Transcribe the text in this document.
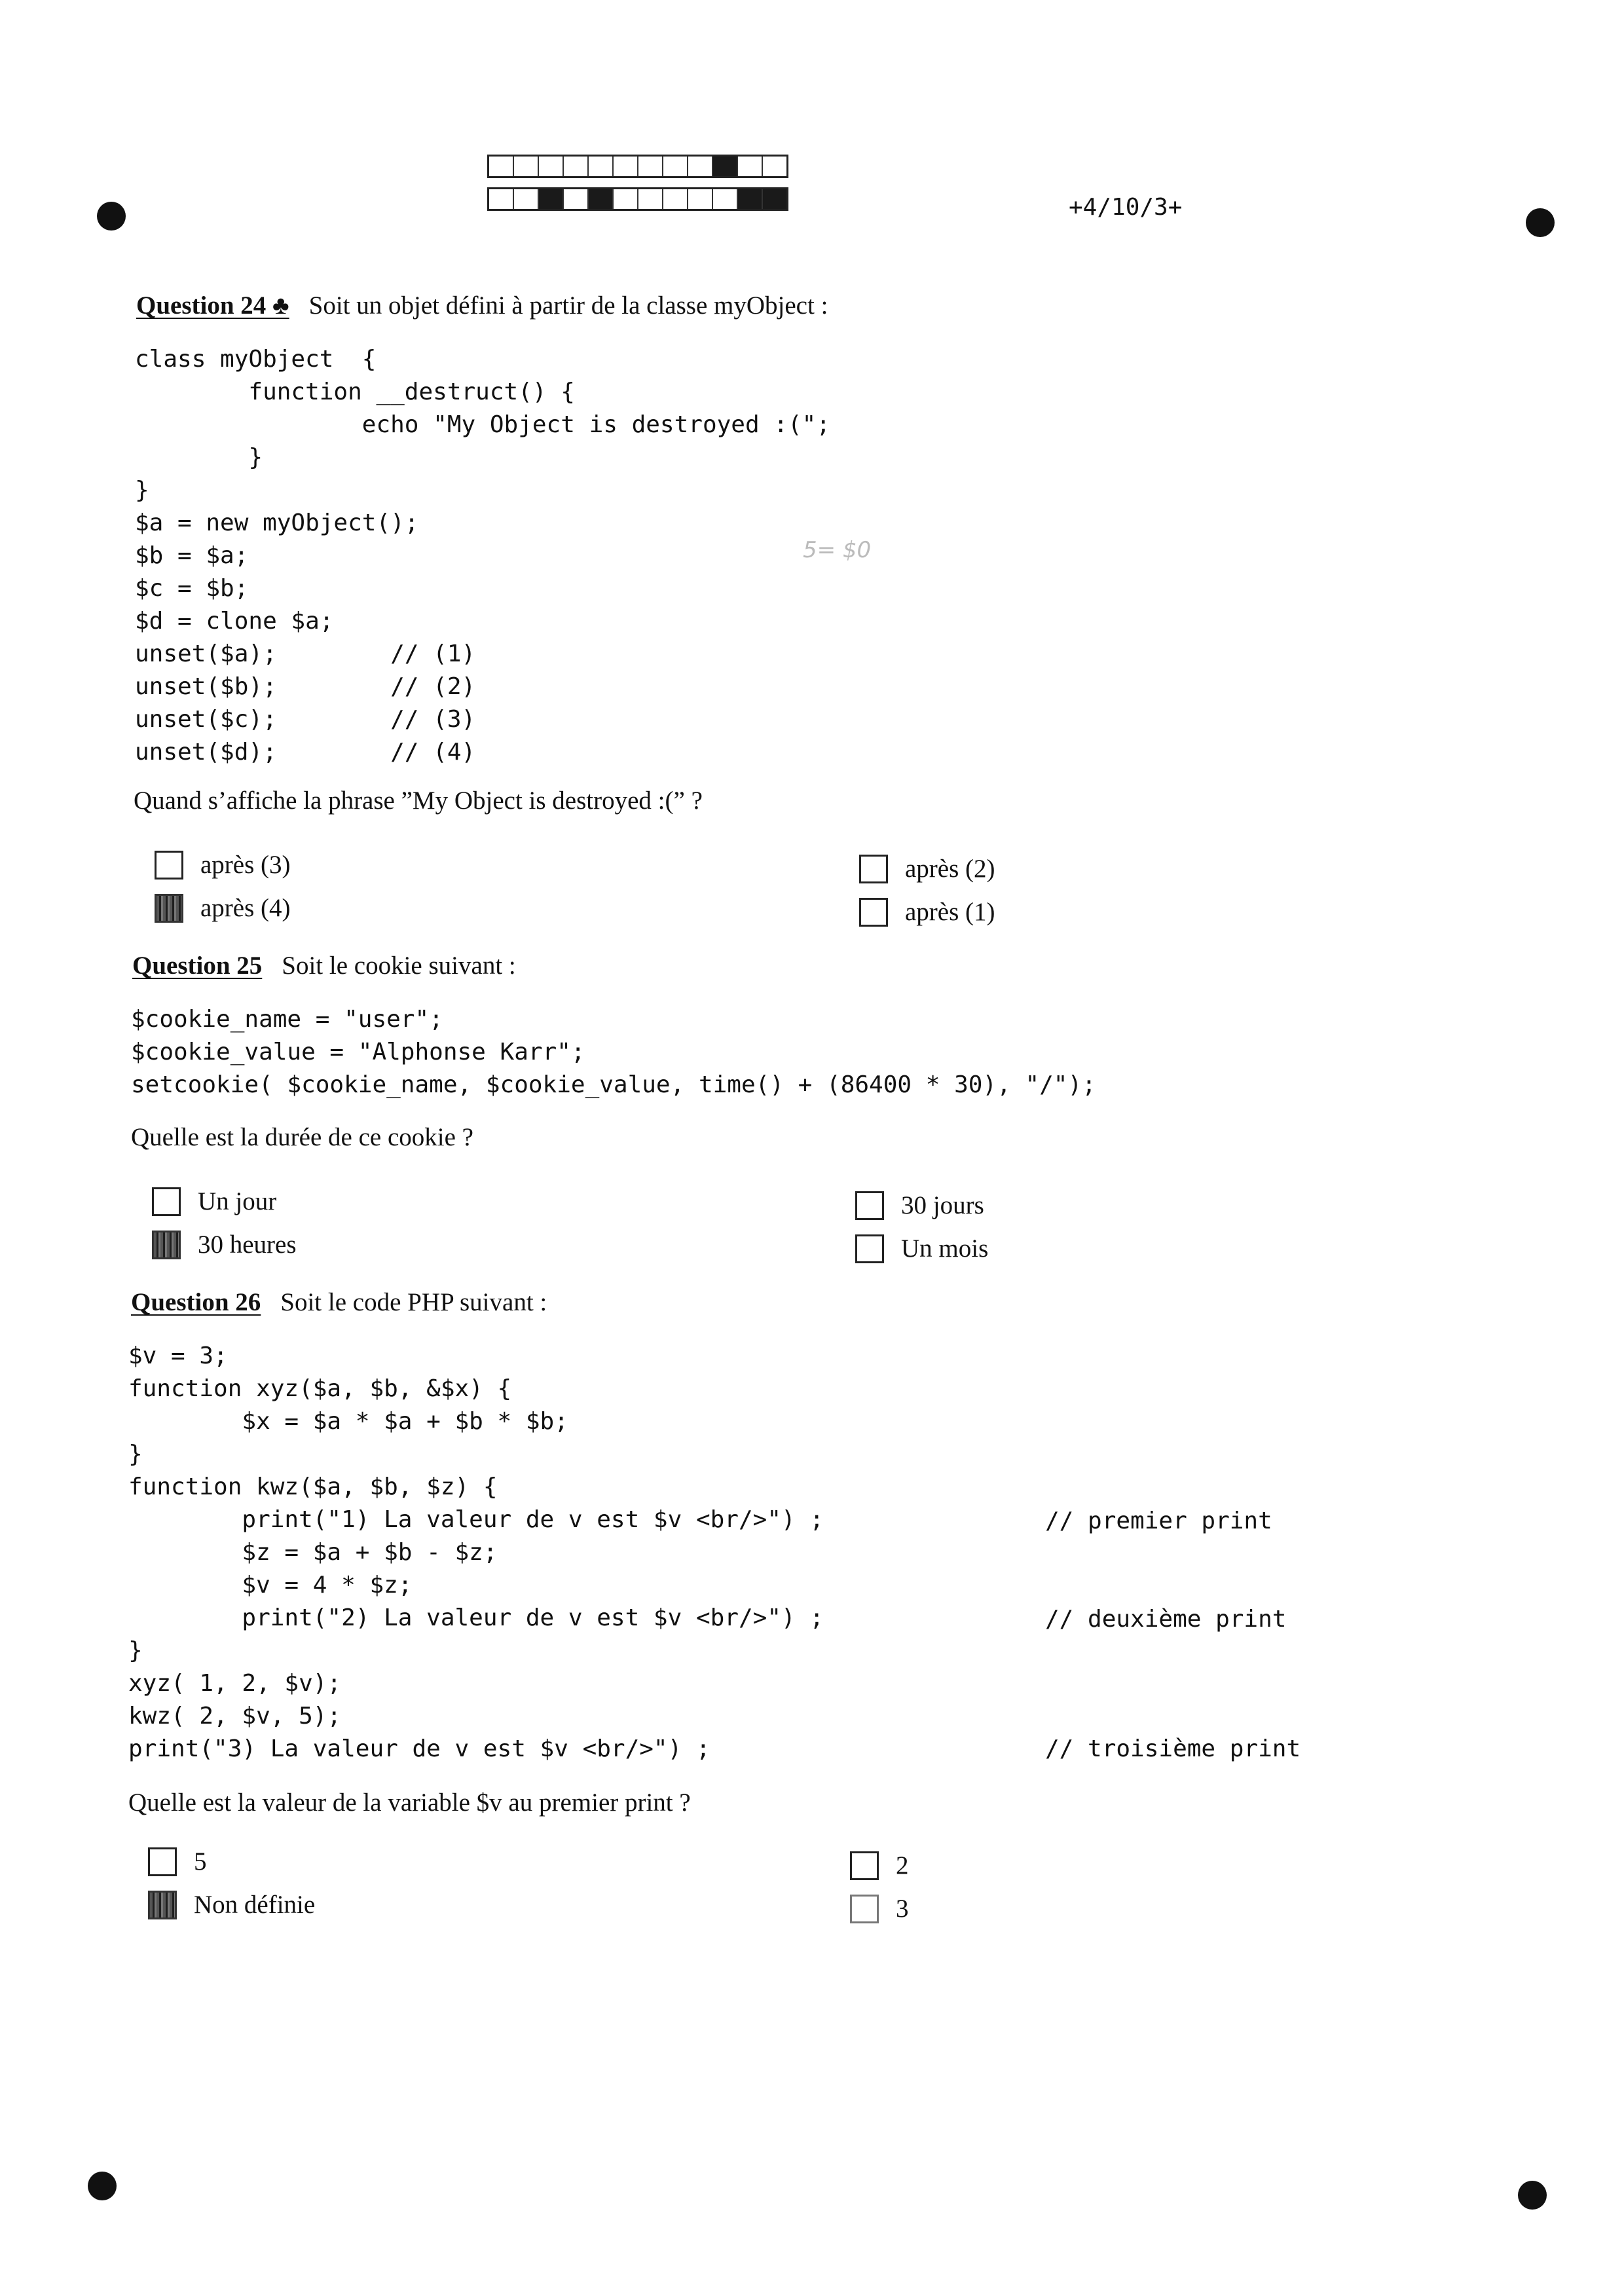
+4/10/3+
Question 24 ♣ Soit un objet défini à partir de la classe myObject :
class myObject  {
function __destruct() {
echo "My Object is destroyed :(";
}
}
$a = new myObject();
$b = $a;
$c = $b;
$d = clone $a;
unset($a);        // (1)
unset($b);        // (2)
unset($c);        // (3)
unset($d);        // (4)
5= $0
Quand s’affiche la phrase ”My Object is destroyed :(” ?
après (3)
après (4)
après (2)
après (1)
Question 25 Soit le cookie suivant :
$cookie_name = "user";
$cookie_value = "Alphonse Karr";
setcookie( $cookie_name, $cookie_value, time() + (86400 * 30), "/");
Quelle est la durée de ce cookie ?
Un jour
30 heures
30 jours
Un mois
Question 26 Soit le code PHP suivant :
$v = 3;
function xyz($a, $b, &$x) {
$x = $a * $a + $b * $b;
}
function kwz($a, $b, $z) {
print("1) La valeur de v est $v <br/>") ;
$z = $a + $b - $z;
$v = 4 * $z;
print("2) La valeur de v est $v <br/>") ;
}
xyz( 1, 2, $v);
kwz( 2, $v, 5);
print("3) La valeur de v est $v <br/>") ;
// premier print
// deuxième print
// troisième print
Quelle est la valeur de la variable $v au premier print ?
5
Non définie
2
3
